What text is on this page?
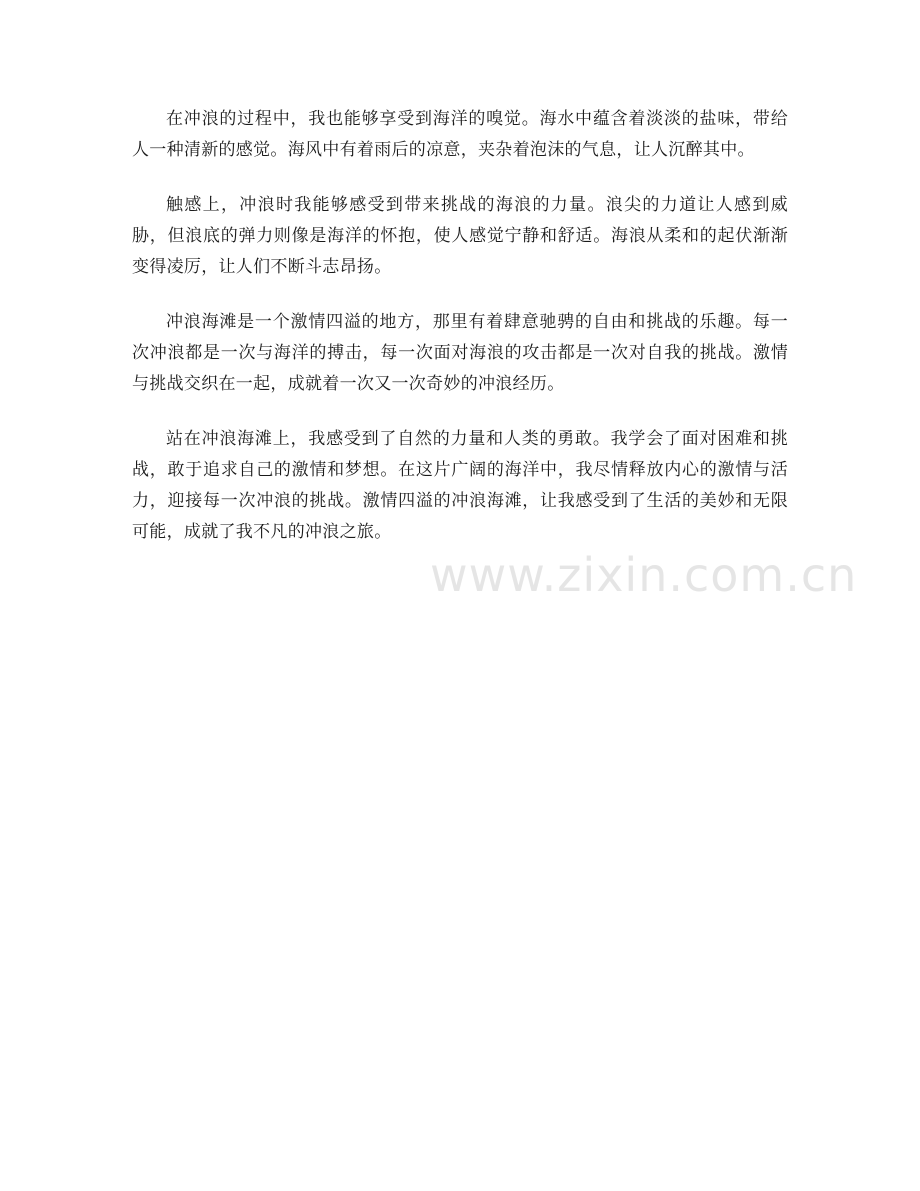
在冲浪的过程中，我也能够享受到海洋的嗅觉。海水中蕴含着淡淡的盐味，带给人一种清新的感觉。海风中有着雨后的凉意，夹杂着泡沫的气息，让人沉醉其中。

触感上，冲浪时我能够感受到带来挑战的海浪的力量。浪尖的力道让人感到威胁，但浪底的弹力则像是海洋的怀抱，使人感觉宁静和舒适。海浪从柔和的起伏渐渐变得凌厉，让人们不断斗志昂扬。

冲浪海滩是一个激情四溢的地方，那里有着肆意驰骋的自由和挑战的乐趣。每一次冲浪都是一次与海洋的搏击，每一次面对海浪的攻击都是一次对自我的挑战。激情与挑战交织在一起，成就着一次又一次奇妙的冲浪经历。

站在冲浪海滩上，我感受到了自然的力量和人类的勇敢。我学会了面对困难和挑战，敢于追求自己的激情和梦想。在这片广阔的海洋中，我尽情释放内心的激情与活力，迎接每一次冲浪的挑战。激情四溢的冲浪海滩，让我感受到了生活的美妙和无限可能，成就了我不凡的冲浪之旅。

www.zixin.com.cn
